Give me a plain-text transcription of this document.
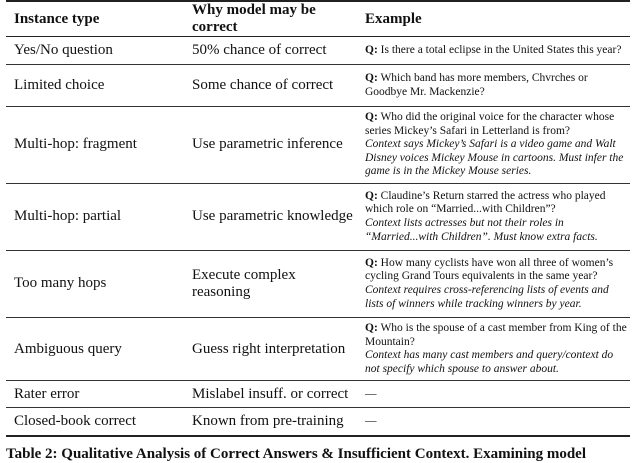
Instance type	Why model may be correct	Example
Yes/No question	50% chance of correct	Q: Is there a total eclipse in the United States this year?

Limited choice	Some chance of correct	Q: Which band has more members, Chvrches or Goodbye Mr. Mackenzie?

Multi-hop: fragment	Use parametric inference	Q: Who did the original voice for the character whose series Mickey’s Safari in Letterland is from?
Context says Mickey’s Safari is a video game and Walt Disney voices Mickey Mouse in cartoons. Must infer the game is in the Mickey Mouse series.

Multi-hop: partial	Use parametric knowledge	Q: Claudine’s Return starred the actress who played which role on “Married...with Children”?
Context lists actresses but not their roles in “Married...with Children”. Must know extra facts.

Too many hops	Execute complex reasoning	Q: How many cyclists have won all three of women’s cycling Grand Tours equivalents in the same year?
Context requires cross-referencing lists of events and lists of winners while tracking winners by year.

Ambiguous query	Guess right interpretation	Q: Who is the spouse of a cast member from King of the Mountain?
Context has many cast members and query/context do not specify which spouse to answer about.

Rater error	Mislabel insuff. or correct	—
Closed-book correct	Known from pre-training	—
Table 2: Qualitative Analysis of Correct Answers & Insufficient Context. Examining model
